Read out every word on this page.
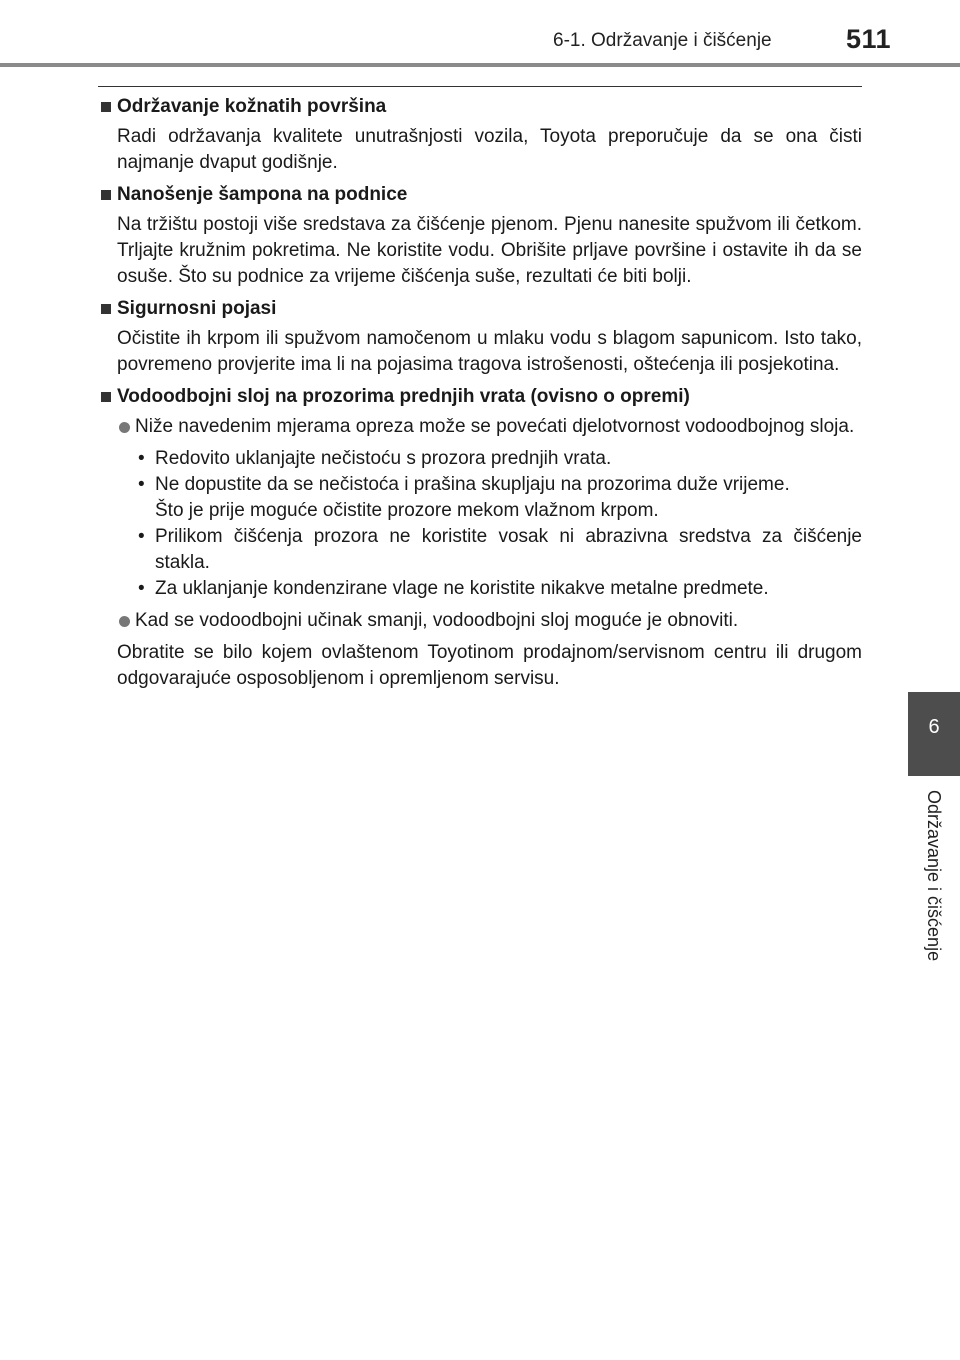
6-1. Održavanje i čišćenje	511
6
Održavanje i čišćenje
Održavanje kožnatih površina
Radi održavanja kvalitete unutrašnjosti vozila, Toyota preporučuje da se ona čisti najmanje dvaput godišnje.
Nanošenje šampona na podnice
Na tržištu postoji više sredstava za čišćenje pjenom. Pjenu nanesite spužvom ili četkom. Trljajte kružnim pokretima. Ne koristite vodu. Obrišite prljave površine i ostavite ih da se osuše. Što su podnice za vrijeme čišćenja suše, rezultati će biti bolji.
Sigurnosni pojasi
Očistite ih krpom ili spužvom namočenom u mlaku vodu s blagom sapunicom. Isto tako, povremeno provjerite ima li na pojasima tragova istrošenosti, oštećenja ili posjekotina.
Vodoodbojni sloj na prozorima prednjih vrata (ovisno o opremi)
Niže navedenim mjerama opreza može se povećati djelotvornost vodoodbojnog sloja.
• Redovito uklanjajte nečistoću s prozora prednjih vrata.
• Ne dopustite da se nečistoća i prašina skupljaju na prozorima duže vrijeme.
Što je prije moguće očistite prozore mekom vlažnom krpom.
• Prilikom čišćenja prozora ne koristite vosak ni abrazivna sredstva za čišćenje stakla.
• Za uklanjanje kondenzirane vlage ne koristite nikakve metalne predmete.
Kad se vodoodbojni učinak smanji, vodoodbojni sloj moguće je obnoviti.
Obratite se bilo kojem ovlaštenom Toyotinom prodajnom/servisnom centru ili drugom odgovarajuće osposobljenom i opremljenom servisu.
